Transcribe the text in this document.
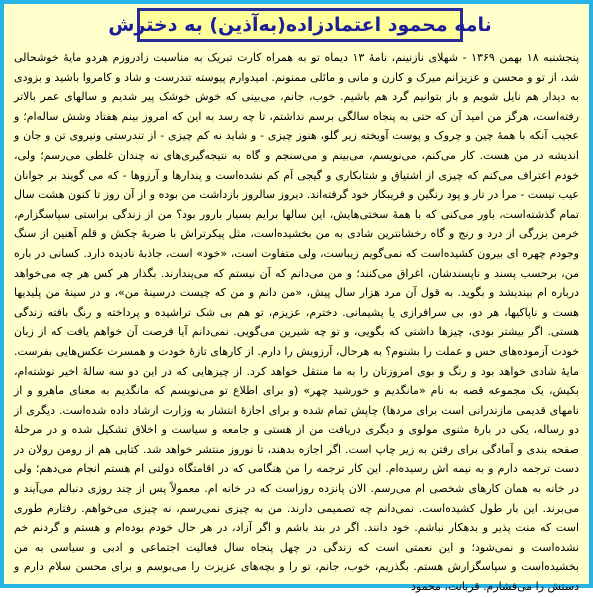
نامه محمود اعتمادزاده(به‌آذین) به دخترش
پنجشنبه ۱۸ بهمن ۱۳۶۹ - شهلای نازنینم، نامهٔ ۱۳ دیماه تو به همراه کارت تبریک به مناسبت زادروزم هردو مایهٔ خوشحالی شد، از تو و محسن و عزیزانم میرک و کارن و مانی و مائلی ممنونم. امیدوارم پیوسته تندرست و شاد و کامروا باشید و بزودی به دیدار هم نایل شویم و باز بتوانیم گرد هم باشیم. خوب، جانم، می‌بینی که خوش خوشک پیر شدیم و سالهای عمر بالاتر رفته‌است، هرگز من امید آن که حتی به پنجاه سالگی برسم نداشتم، تا چه رسد به این که امروز بینم هفتاد وشش ساله‌ام؛ و عجیب آنکه با همهٔ چین و چروک و پوست آویخته زیر گلو، هنوز چیزی - و شاید نه کم چیزی - از تندرستی ونیروی تن و جان و اندیشه در من هست. کار می‌کنم، می‌نویسم، می‌بینم و می‌سنجم و گاه به نتیجه‌گیری‌های نه چندان غلطی می‌رسم؛ ولی، خودم اعتراف می‌کنم که چیزی از اشتیاق و شتابکاری و گیجی اَم کم نشده‌است و پندارها و آرزوها - که می گویند بر جوانان عیب نیست - مرا در تار و پود رنگین و فریبکار خود گرفته‌اند. دیروز سالروز بازداشت من بوده و از آن روز تا کنون هشت سال تمام گذشته‌است، باور می‌کنی که با همهٔ سختی‌هایش، این سالها برایم بسیار بارور بود؟ من از زندگی براستی سپاسگزارم، خرمن بزرگی از درد و رنج و گاه رخشانترین شادی به من بخشیده‌است، مثل پیکرتراش با ضربهٔ چکش و قلم آهنین از سنگ وجودم چهره ای بیرون کشیده‌است که نمی‌گویم زیباست، ولی متفاوت است، «خود» است، جاذبهٔ نادیده دارد. کسانی در باره من، برحسب پسند و ناپسندشان، اغراق می‌کنند؛ و من می‌دانم که آن نیستم که می‌پندارند. بگذار هر کس هر چه می‌خواهد درباره ام بیندیشد و بگوید. به قول آن مرد هزار سال پیش، «من دانم و من که چیست درسینهٔ من»، و در سینهٔ من پلیدیها هست و ناپاکیها، هر دو، بی سرافرازی یا پشیمانی. دخترم، عزیزم، تو هم بی شک تراشیده و پرداخته و رنگ بافته زندگی هستی. اگر بیشتر بودی، چیزها داشتی که بگویی، و تو چه شیرین می‌گویی. نمی‌دانم آیا فرصت آن خواهم یافت که از زبان خودت آزموده‌های حس و عملت را بشنوم؟ به هرحال، آرزویش را دارم. از کارهای تازهٔ خودت و همسرت عکس‌هایی بفرست. مایهٔ شادی خواهد بود و رنگ و بوی امروزتان را به ما منتقل خواهد کرد. از چیزهایی که در این دو سه سالهٔ اخیر نوشته‌ام، بکیش، یک مجموعه قصه به نام «مانگدیم و خورشید چهر» (و برای اطلاع تو می‌نویسم که مانگدیم به معنای ماهرو و از نامهای قدیمی مازندرانی است برای مردها) چاپش تمام شده و برای اجازهٔ انتشار به وزارت ارشاد داده شده‌است. دیگری از دو رساله، یکی در بارهٔ مثنوی مولوی و دیگری دریافت من از هستی و جامعه و سیاست و اخلاق تشکیل شده و در مرحلهٔ صفحه بندی و آمادگی برای رفتن به زیر چاپ است. اگر اجازه بدهند، تا نوروز منتشر خواهد شد. کتابی هم از رومن رولان در دست ترجمه دارم و به نیمه اش رسیده‌ام. این کار ترجمه را من هنگامی که در اقامتگاه دولتی ام هستم انجام می‌دهم؛ ولی در خانه به همان کارهای شخصی ام می‌رسم. الان پانزده روزاست که در خانه ام. معمولاً پس از چند روزی دنبالم می‌آیند و می‌برند. این بار طول کشیده‌است. نمی‌دانم چه تصمیمی دارند. من به چیزی نمی‌رسم، نه چیزی می‌خواهم. رفتارم طوری است که منت پذیر و بدهکار نباشم. خود دانند. اگر در بند باشم و اگر آزاد، در هر حال خودم بوده‌ام و هستم و گردنم خم نشده‌است و نمی‌شود؛ و این نعمتی است که زندگی در چهل پنجاه سال فعالیت اجتماعی و ادبی و سیاسی به من بخشیده‌است و سپاسگزارش هستم. بگذریم، خوب، جانم، تو را و بچه‌های عزیزت را می‌بوسم و برای محسن سلام دارم و دستش را می‌فشارم. قربانت، محمود
